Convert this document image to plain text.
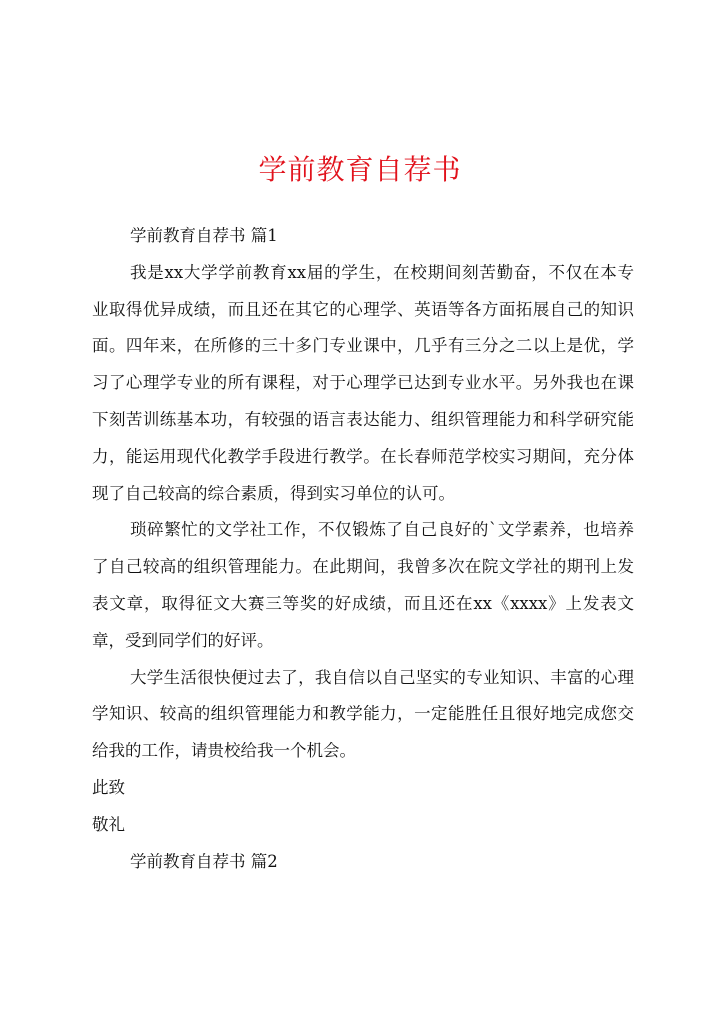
学前教育自荐书
学前教育自荐书 篇1
我是xx大学学前教育xx届的学生，在校期间刻苦勤奋，不仅在本专
业取得优异成绩，而且还在其它的心理学、英语等各方面拓展自己的知识
面。四年来，在所修的三十多门专业课中，几乎有三分之二以上是优，学
习了心理学专业的所有课程，对于心理学已达到专业水平。另外我也在课
下刻苦训练基本功，有较强的语言表达能力、组织管理能力和科学研究能
力，能运用现代化教学手段进行教学。在长春师范学校实习期间，充分体
现了自己较高的综合素质，得到实习单位的认可。
琐碎繁忙的文学社工作，不仅锻炼了自己良好的`文学素养，也培养
了自己较高的组织管理能力。在此期间，我曾多次在院文学社的期刊上发
表文章，取得征文大赛三等奖的好成绩，而且还在xx《xxxx》上发表文
章，受到同学们的好评。
大学生活很快便过去了，我自信以自己坚实的专业知识、丰富的心理
学知识、较高的组织管理能力和教学能力，一定能胜任且很好地完成您交
给我的工作，请贵校给我一个机会。
此致
敬礼
学前教育自荐书 篇2
